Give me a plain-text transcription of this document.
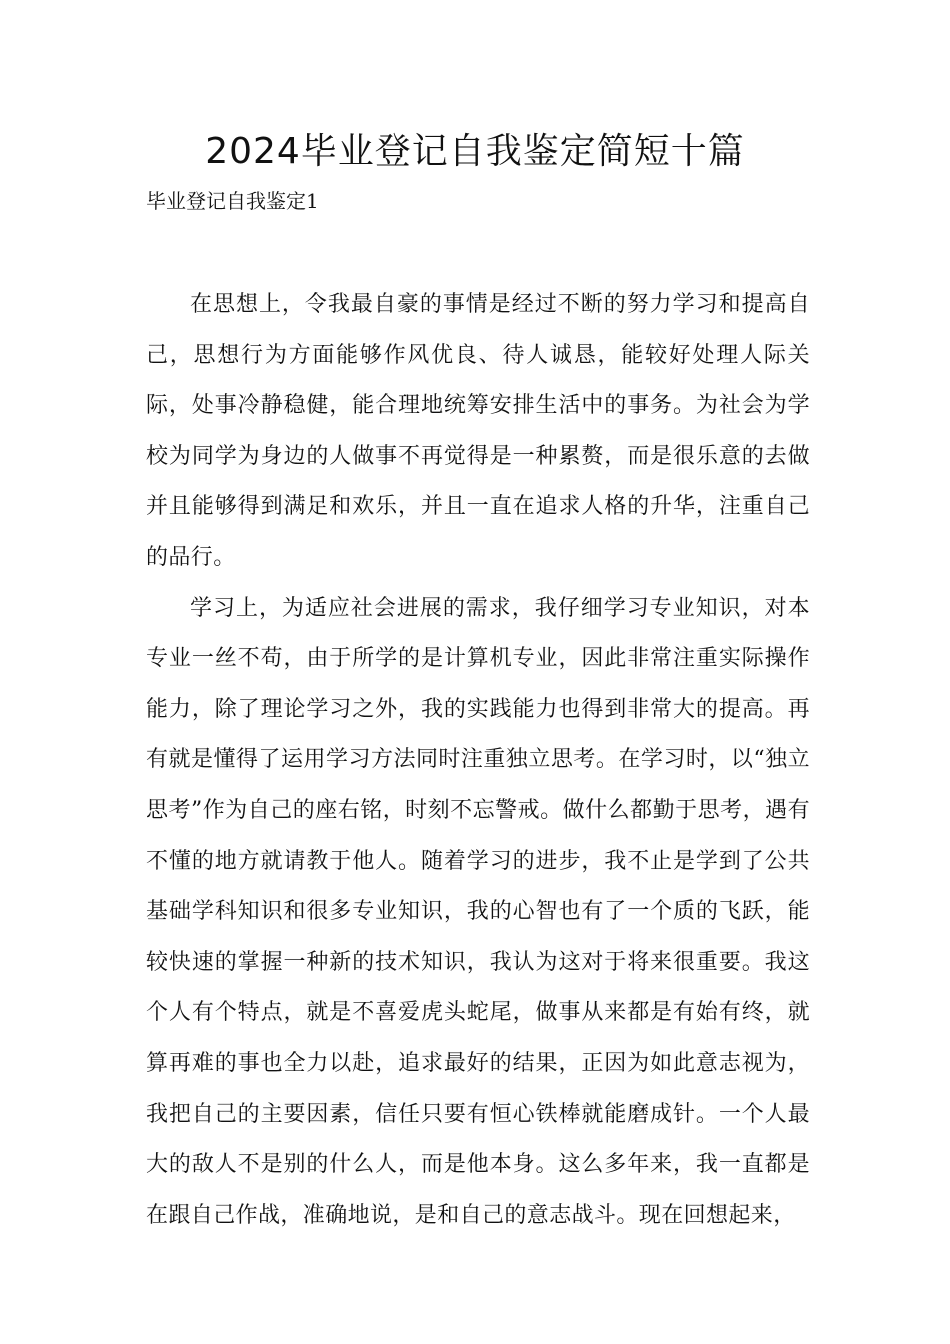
2024毕业登记自我鉴定简短十篇
毕业登记自我鉴定1

在思想上，令我最自豪的事情是经过不断的努力学习和提高自己，思想行为方面能够作风优良、待人诚恳，能较好处理人际关际，处事冷静稳健，能合理地统筹安排生活中的事务。为社会为学校为同学为身边的人做事不再觉得是一种累赘，而是很乐意的去做并且能够得到满足和欢乐，并且一直在追求人格的升华，注重自己的品行。

学习上，为适应社会进展的需求，我仔细学习专业知识，对本专业一丝不苟，由于所学的是计算机专业，因此非常注重实际操作能力，除了理论学习之外，我的实践能力也得到非常大的提高。再有就是懂得了运用学习方法同时注重独立思考。在学习时，以“独立思考”作为自己的座右铭，时刻不忘警戒。做什么都勤于思考，遇有不懂的地方就请教于他人。随着学习的进步，我不止是学到了公共基础学科知识和很多专业知识，我的心智也有了一个质的飞跃，能较快速的掌握一种新的技术知识，我认为这对于将来很重要。我这个人有个特点，就是不喜爱虎头蛇尾，做事从来都是有始有终，就算再难的事也全力以赴，追求最好的结果，正因为如此意志视为，我把自己的主要因素，信任只要有恒心铁棒就能磨成针。一个人最大的敌人不是别的什么人，而是他本身。这么多年来，我一直都是在跟自己作战，准确地说，是和自己的意志战斗。现在回想起来，
